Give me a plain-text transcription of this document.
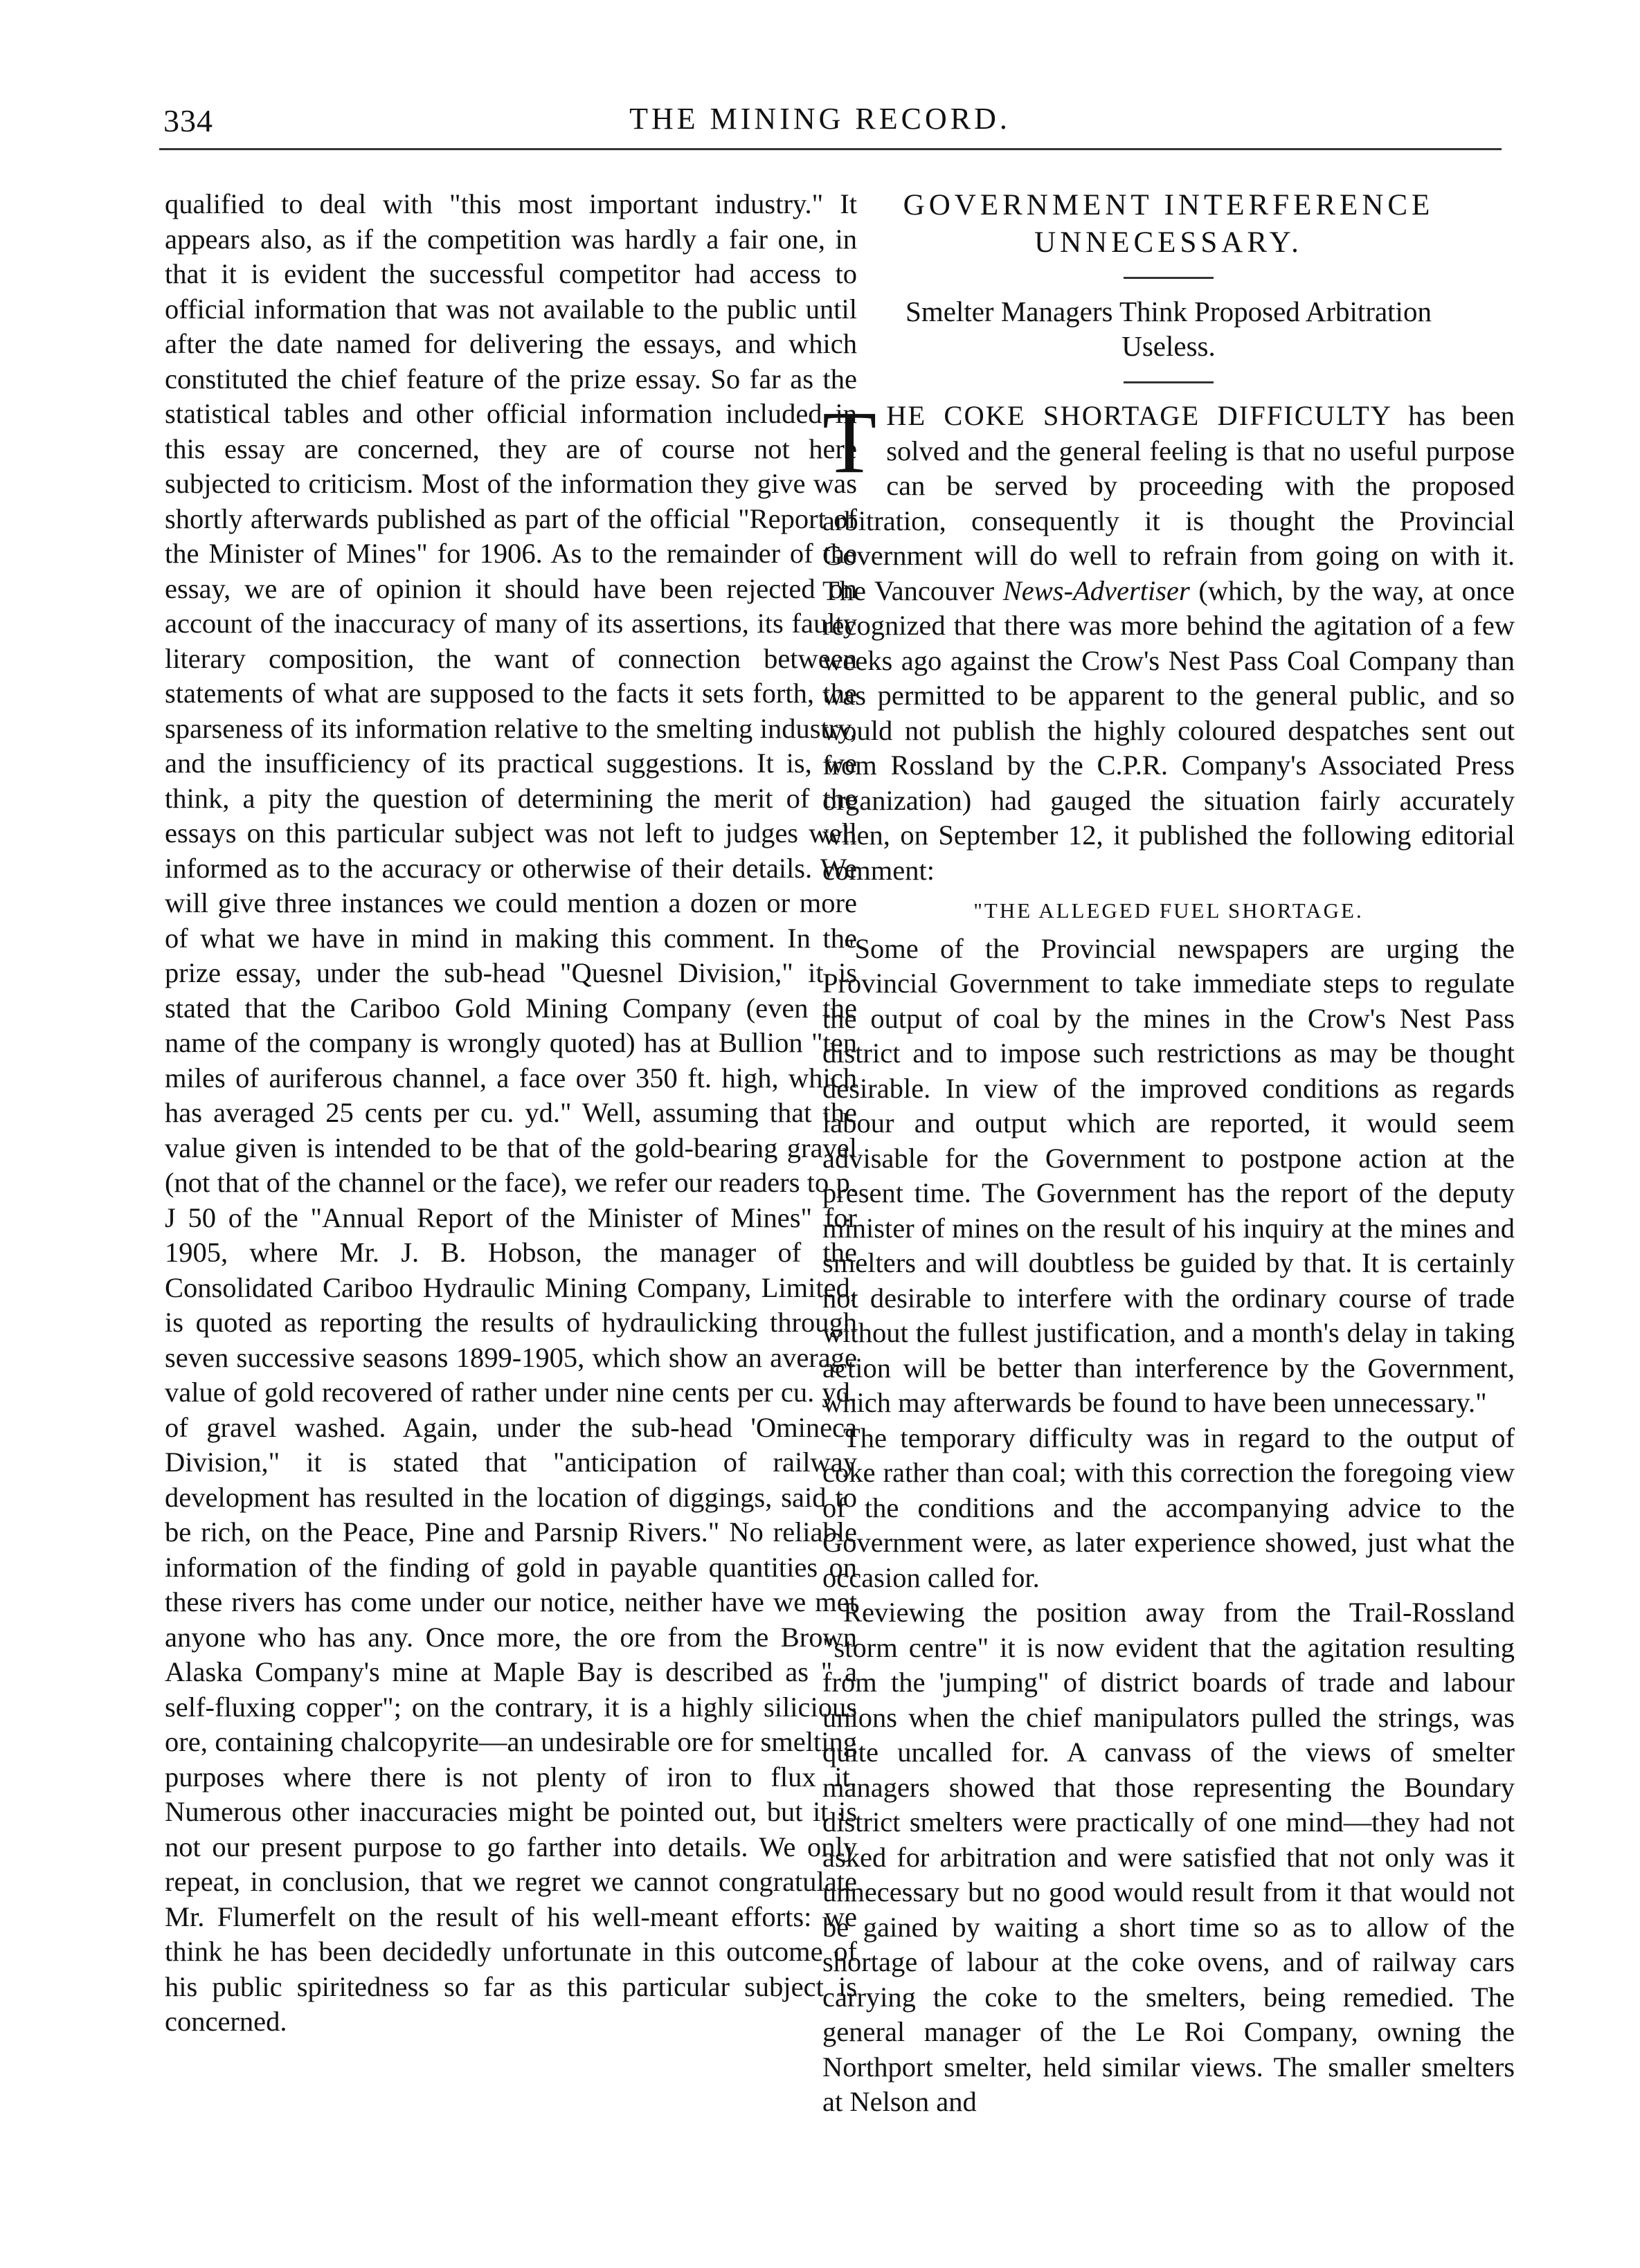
334	THE MINING RECORD.

qualified to deal with "this most important industry." It appears also, as if the competition was hardly a fair one, in that it is evident the successful competitor had access to official information that was not available to the public until after the date named for delivering the essays, and which constituted the chief feature of the prize essay. So far as the statistical tables and other official information included in this essay are concerned, they are of course not here subjected to criticism. Most of the information they give was shortly afterwards published as part of the official "Report of the Minister of Mines" for 1906. As to the remainder of the essay, we are of opinion it should have been rejected on account of the inaccuracy of many of its assertions, its faulty literary composition, the want of connection between statements of what are supposed to the facts it sets forth, the sparseness of its information relative to the smelting industry, and the insufficiency of its practical suggestions. It is, we think, a pity the question of determining the merit of the essays on this particular subject was not left to judges well informed as to the accuracy or otherwise of their details. We will give three instances we could mention a dozen or more of what we have in mind in making this comment. In the prize essay, under the sub-head "Quesnel Division," it is stated that the Cariboo Gold Mining Company (even the name of the company is wrongly quoted) has at Bullion "ten miles of auriferous channel, a face over 350 ft. high, which has averaged 25 cents per cu. yd." Well, assuming that the value given is intended to be that of the gold-bearing gravel (not that of the channel or the face), we refer our readers to p. J 50 of the "Annual Report of the Minister of Mines" for 1905, where Mr. J. B. Hobson, the manager of the Consolidated Cariboo Hydraulic Mining Company, Limited, is quoted as reporting the results of hydraulicking through seven successive seasons 1899-1905, which show an average value of gold recovered of rather under nine cents per cu. yd. of gravel washed. Again, under the sub-head 'Omineca Division," it is stated that "anticipation of railway development has resulted in the location of diggings, said to be rich, on the Peace, Pine and Parsnip Rivers." No reliable information of the finding of gold in payable quantities on these rivers has come under our notice, neither have we met anyone who has any. Once more, the ore from the Brown Alaska Company's mine at Maple Bay is described as " a self-fluxing copper"; on the contrary, it is a highly silicious ore, containing chalcopyrite—an undesirable ore for smelting purposes where there is not plenty of iron to flux it. Numerous other inaccuracies might be pointed out, but it is not our present purpose to go farther into details. We only repeat, in conclusion, that we regret we cannot congratulate Mr. Flumerfelt on the result of his well-meant efforts: we think he has been decidedly unfortunate in this outcome of his public spiritedness so far as this particular subject is concerned.

GOVERNMENT INTERFERENCE
UNNECESSARY.
Smelter Managers Think Proposed Arbitration
Useless.

THE COKE SHORTAGE DIFFICULTY has been solved and the general feeling is that no useful purpose can be served by proceeding with the proposed arbitration, consequently it is thought the Provincial Government will do well to refrain from going on with it. The Vancouver News-Advertiser (which, by the way, at once recognized that there was more behind the agitation of a few weeks ago against the Crow's Nest Pass Coal Company than was permitted to be apparent to the general public, and so would not publish the highly coloured despatches sent out from Rossland by the C.P.R. Company's Associated Press organization) had gauged the situation fairly accurately when, on September 12, it published the following editorial comment:

"THE ALLEGED FUEL SHORTAGE.

"Some of the Provincial newspapers are urging the Provincial Government to take immediate steps to regulate the output of coal by the mines in the Crow's Nest Pass district and to impose such restrictions as may be thought desirable. In view of the improved conditions as regards labour and output which are reported, it would seem advisable for the Government to postpone action at the present time. The Government has the report of the deputy minister of mines on the result of his inquiry at the mines and smelters and will doubtless be guided by that. It is certainly not desirable to interfere with the ordinary course of trade without the fullest justification, and a month's delay in taking action will be better than interference by the Government, which may afterwards be found to have been unnecessary."

The temporary difficulty was in regard to the output of coke rather than coal; with this correction the foregoing view of the conditions and the accompanying advice to the Government were, as later experience showed, just what the occasion called for.

Reviewing the position away from the Trail-Rossland "storm centre" it is now evident that the agitation resulting from the 'jumping" of district boards of trade and labour unions when the chief manipulators pulled the strings, was quite uncalled for. A canvass of the views of smelter managers showed that those representing the Boundary district smelters were practically of one mind—they had not asked for arbitration and were satisfied that not only was it unnecessary but no good would result from it that would not be gained by waiting a short time so as to allow of the shortage of labour at the coke ovens, and of railway cars carrying the coke to the smelters, being remedied. The general manager of the Le Roi Company, owning the Northport smelter, held similar views. The smaller smelters at Nelson and
